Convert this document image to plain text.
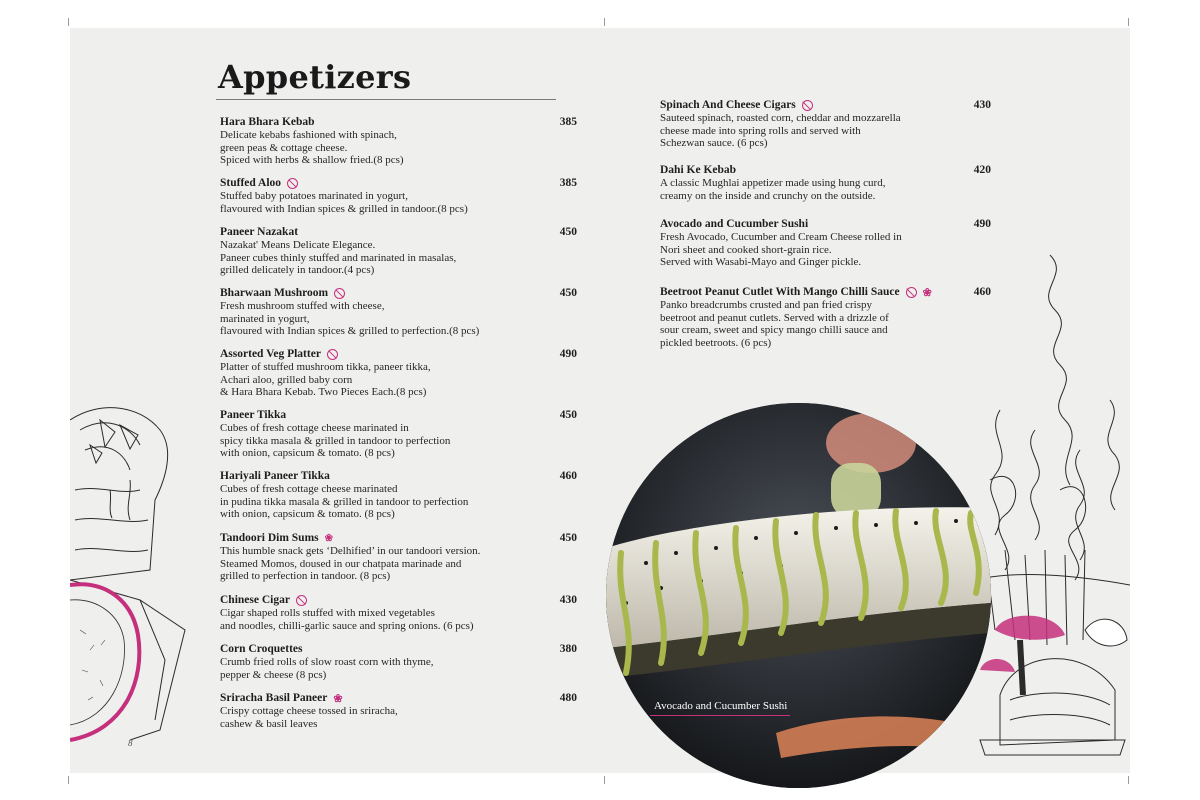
Appetizers
Hara Bhara Kebab	385
Delicate kebabs fashioned with spinach,
green peas & cottage cheese.
Spiced with herbs & shallow fried.(8 pcs)
Stuffed Aloo	385
Stuffed baby potatoes marinated in yogurt,
flavoured with Indian spices & grilled in tandoor.(8 pcs)
Paneer Nazakat	450
Nazakat' Means Delicate Elegance.
Paneer cubes thinly stuffed and marinated in masalas,
grilled delicately in tandoor.(4 pcs)
Bharwaan Mushroom	450
Fresh mushroom stuffed with cheese,
marinated in yogurt,
flavoured with Indian spices & grilled to perfection.(8 pcs)
Assorted Veg Platter	490
Platter of stuffed mushroom tikka, paneer tikka,
Achari aloo, grilled baby corn
& Hara Bhara Kebab. Two Pieces Each.(8 pcs)
Paneer Tikka	450
Cubes of fresh cottage cheese marinated in
spicy tikka masala & grilled in tandoor to perfection
with onion, capsicum & tomato. (8 pcs)
Hariyali Paneer Tikka	460
Cubes of fresh cottage cheese marinated
in pudina tikka masala & grilled in tandoor to perfection
with onion, capsicum & tomato. (8 pcs)
Tandoori Dim Sums ❀	450
This humble snack gets ‘Delhified’ in our tandoori version.
Steamed Momos, doused in our chatpata marinade and
grilled to perfection in tandoor. (8 pcs)
Chinese Cigar	430
Cigar shaped rolls stuffed with mixed vegetables
and noodles, chilli-garlic sauce and spring onions. (6 pcs)
Corn Croquettes	380
Crumb fried rolls of slow roast corn with thyme,
pepper & cheese (8 pcs)
Sriracha Basil Paneer ❀	480
Crispy cottage cheese tossed in sriracha,
cashew & basil leaves
Spinach And Cheese Cigars	430
Sauteed spinach, roasted corn, cheddar and mozzarella
cheese made into spring rolls and served with
Schezwan sauce. (6 pcs)
Dahi Ke Kebab	420
A classic Mughlai appetizer made using hung curd,
creamy on the inside and crunchy on the outside.
Avocado and Cucumber Sushi	490
Fresh Avocado, Cucumber and Cream Cheese rolled in
Nori sheet and cooked short-grain rice.
Served with Wasabi-Mayo and Ginger pickle.
Beetroot Peanut Cutlet With Mango Chilli Sauce ❀	460
Panko breadcrumbs crusted and pan fried crispy
beetroot and peanut cutlets. Served with a drizzle of
sour cream, sweet and spicy mango chilli sauce and
pickled beetroots. (6 pcs)
8
Avocado and Cucumber Sushi
